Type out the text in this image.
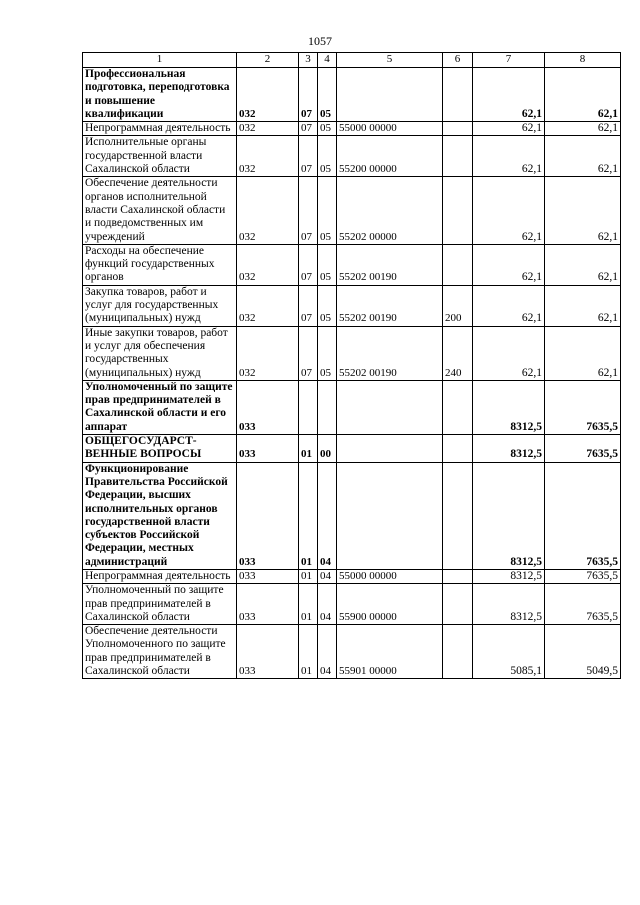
1057
1	2	3	4	5	6	7	8
Профессиональная подготовка, переподготовка и повышение квалификации	032	07	05			62,1	62,1
Непрограммная деятельность	032	07	05	55000 00000		62,1	62,1
Исполнительные органы государственной власти Сахалинской области	032	07	05	55200 00000		62,1	62,1
Обеспечение деятельности органов исполнительной власти Сахалинской области и подведомственных им учреждений	032	07	05	55202 00000		62,1	62,1
Расходы на обеспечение функций государственных органов	032	07	05	55202 00190		62,1	62,1
Закупка товаров, работ и услуг для государственных (муниципальных) нужд	032	07	05	55202 00190	200	62,1	62,1
Иные закупки товаров, работ и услуг для обеспечения государственных (муниципальных) нужд	032	07	05	55202 00190	240	62,1	62,1
Уполномоченный по защите прав предпринимателей в Сахалинской области и его аппарат	033					8312,5	7635,5
ОБЩЕГОСУДАРСТ-ВЕННЫЕ ВОПРОСЫ	033	01	00			8312,5	7635,5
Функционирование Правительства Российской Федерации, высших исполнительных органов государственной власти субъектов Российской Федерации, местных администраций	033	01	04			8312,5	7635,5
Непрограммная деятельность	033	01	04	55000 00000		8312,5	7635,5
Уполномоченный по защите прав предпринимателей в Сахалинской области	033	01	04	55900 00000		8312,5	7635,5
Обеспечение деятельности Уполномоченного по защите прав предпринимателей в Сахалинской области	033	01	04	55901 00000		5085,1	5049,5
